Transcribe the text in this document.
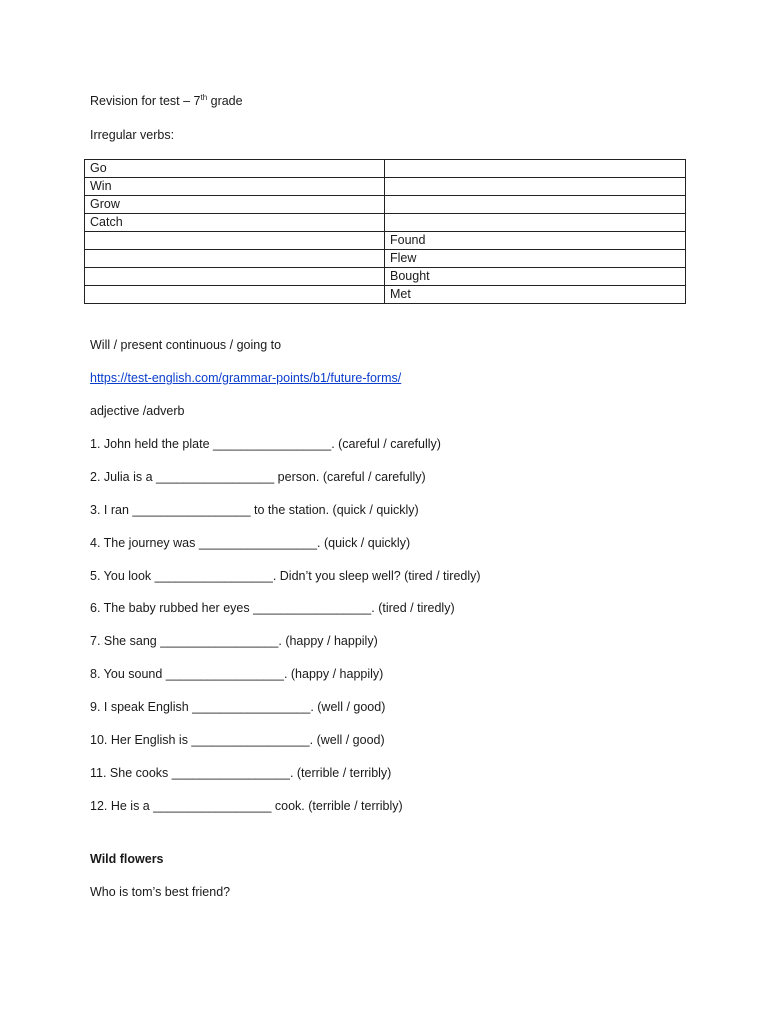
Revision for test – 7th grade
Irregular verbs:
Go	
Win	
Grow	
Catch	
	Found
	Flew
	Bought
	Met
Will / present continuous / going to
https://test-english.com/grammar-points/b1/future-forms/
adjective /adverb
1. John held the plate _________________. (careful / carefully)
2. Julia is a _________________ person. (careful / carefully)
3. I ran _________________ to the station. (quick / quickly)
4. The journey was _________________. (quick / quickly)
5. You look _________________. Didn’t you sleep well? (tired / tiredly)
6. The baby rubbed her eyes _________________. (tired / tiredly)
7. She sang _________________. (happy / happily)
8. You sound _________________. (happy / happily)
9. I speak English _________________. (well / good)
10. Her English is _________________. (well / good)
11. She cooks _________________. (terrible / terribly)
12. He is a _________________ cook. (terrible / terribly)
Wild flowers
Who is tom’s best friend?
